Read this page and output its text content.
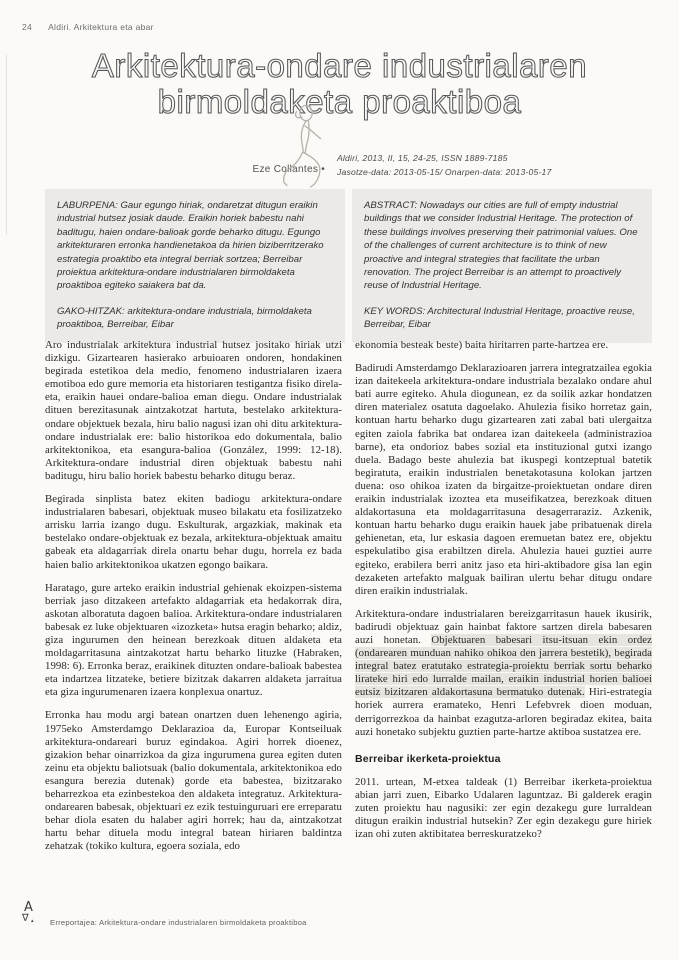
24 Aldiri. Arkitektura eta abar
Arkitektura-ondare industrialaren
birmoldaketa proaktiboa
Eze Collantes •
Aldiri, 2013, II, 15, 24-25, ISSN 1889-7185
Jasotze-data: 2013-05-15/ Onarpen-data: 2013-05-17

LABURPENA: Gaur egungo hiriak, ondaretzat ditugun eraikin industrial hutsez josiak daude. Eraikin horiek babestu nahi baditugu, haien ondare-balioak gorde beharko ditugu. Egungo arkitekturaren erronka handienetakoa da hirien biziberritzerako estrategia proaktibo eta integral berriak sortzea; Berreibar proiektua arkitektura-ondare industrialaren birmoldaketa proaktiboa egiteko saiakera bat da.

GAKO-HITZAK: arkitektura-ondare industriala, birmoldaketa proaktiboa, Berreibar, Eibar

ABSTRACT: Nowadays our cities are full of empty industrial buildings that we consider Industrial Heritage. The protection of these buildings involves preserving their patrimonial values. One of the challenges of current architecture is to think of new proactive and integral strategies that facilitate the urban renovation. The project Berreibar is an attempt to proactively reuse of Industrial Heritage.

KEY WORDS: Architectural Industrial Heritage, proactive reuse, Berreibar, Eibar

Aro industrialak arkitektura industrial hutsez jositako hiriak utzi dizkigu. Gizartearen hasierako arbuioaren ondoren, hondakinen begirada estetikoa dela medio, fenomeno industrialaren izaera emotiboa edo gure memoria eta historiaren testigantza fisiko direla-eta, eraikin hauei ondare-balioa eman diegu. Ondare industrialak dituen berezitasunak aintzakotzat hartuta, bestelako arkitektura-ondare objektuek bezala, hiru balio nagusi izan ohi ditu arkitektura-ondare industrialak ere: balio historikoa edo dokumentala, balio arkitektonikoa, eta esangura-balioa (González, 1999: 12-18). Arkitektura-ondare industrial diren objektuak babestu nahi baditugu, hiru balio horiek babestu beharko ditugu beraz.

Begirada sinplista batez ekiten badiogu arkitektura-ondare industrialaren babesari, objektuak museo bilakatu eta fosilizatzeko arrisku larria izango dugu. Eskulturak, argazkiak, makinak eta bestelako ondare-objektuak ez bezala, arkitektura-objektuak amaitu gabeak eta aldagarriak direla onartu behar dugu, horrela ez bada haien balio arkitektonikoa ukatzen egongo baikara.

Haratago, gure arteko eraikin industrial gehienak ekoizpen-sistema berriak jaso ditzakeen artefakto aldagarriak eta hedakorrak dira, askotan alboratuta dagoen balioa. Arkitektura-ondare industrialaren babesak ez luke objektuaren «izozketa» hutsa eragin beharko; aldiz, giza ingurumen den heinean berezkoak dituen aldaketa eta moldagarritasuna aintzakotzat hartu beharko lituzke (Habraken, 1998: 6). Erronka beraz, eraikinek dituzten ondare-balioak babestea eta indartzea litzateke, betiere bizitzak dakarren aldaketa jarraitua eta giza ingurumenaren izaera konplexua onartuz.

Erronka hau modu argi batean onartzen duen lehenengo agiria, 1975eko Amsterdamgo Deklarazioa da, Europar Kontseiluak arkitektura-ondareari buruz egindakoa. Agiri horrek dioenez, gizakion behar oinarrizkoa da giza ingurumena gurea egiten duten zeinu eta objektu baliotsuak (balio dokumentala, arkitektonikoa edo esangura berezia dutenak) gorde eta babestea, bizitzarako beharrezkoa eta ezinbestekoa den aldaketa integratuz. Arkitektura-ondarearen babesak, objektuari ez ezik testuinguruari ere erreparatu behar diola esaten du halaber agiri horrek; hau da, aintzakotzat hartu behar dituela modu integral batean hiriaren baldintza zehatzak (tokiko kultura, egoera soziala, edo

ekonomia besteak beste) baita hiritarren parte-hartzea ere.

Badirudi Amsterdamgo Deklarazioaren jarrera integratzailea egokia izan daitekeela arkitektura-ondare industriala bezalako ondare ahul bati aurre egiteko. Ahula diogunean, ez da soilik azkar hondatzen diren materialez osatuta dagoelako. Ahulezia fisiko horretaz gain, kontuan hartu beharko dugu gizartearen zati zabal bati ulergaitza egiten zaiola fabrika bat ondarea izan daitekeela (administrazioa barne), eta ondorioz babes sozial eta instituzional gutxi izango duela. Badago beste ahulezia bat ikuspegi kontzeptual batetik begiratuta, eraikin industrialen benetakotasuna kolokan jartzen duena: oso ohikoa izaten da birgaitze-proiektuetan ondare diren eraikin industrialak izoztea eta museifikatzea, berezkoak dituen aldakortasuna eta moldagarritasuna desagerraraziz. Azkenik, kontuan hartu beharko dugu eraikin hauek jabe pribatuenak direla gehienetan, eta, lur eskasia dagoen eremuetan batez ere, objektu espekulatibo gisa erabiltzen direla. Ahulezia hauei guztiei aurre egiteko, erabilera berri anitz jaso eta hiri-aktibadore gisa lan egin dezaketen artefakto malguak bailiran ulertu behar ditugu ondare diren eraikin industrialak.

Arkitektura-ondare industrialaren bereizgarritasun hauek ikusirik, badirudi objektuaz gain hainbat faktore sartzen direla babesaren auzi honetan. Objektuaren babesari itsu-itsuan ekin ordez (ondarearen munduan nahiko ohikoa den jarrera bestetik), begirada integral batez eratutako estrategia-proiektu berriak sortu beharko lirateke hiri edo lurralde mailan, eraikin industrial horien balioei eutsiz bizitzaren aldakortasuna bermatuko dutenak. Hiri-estrategia horiek aurrera eramateko, Henri Lefebvrek dioen moduan, derrigorrezkoa da hainbat ezagutza-arloren begiradaz ekitea, baita auzi honetako subjektu guztien parte-hartze aktiboa sustatzea ere.

Berreibar ikerketa-proiektua

2011. urtean, M-etxea taldeak (1) Berreibar ikerketa-proiektua abian jarri zuen, Eibarko Udalaren laguntzaz. Bi galderek eragin zuten proiektu hau nagusiki: zer egin dezakegu gure lurraldean ditugun eraikin industrial hutsekin? Zer egin dezakegu gure hiriek izan ohi zuten aktibitatea berreskuratzeko?

A
∇ ▴ Erreportajea: Arkitektura-ondare industrialaren birmoldaketa proaktiboa
